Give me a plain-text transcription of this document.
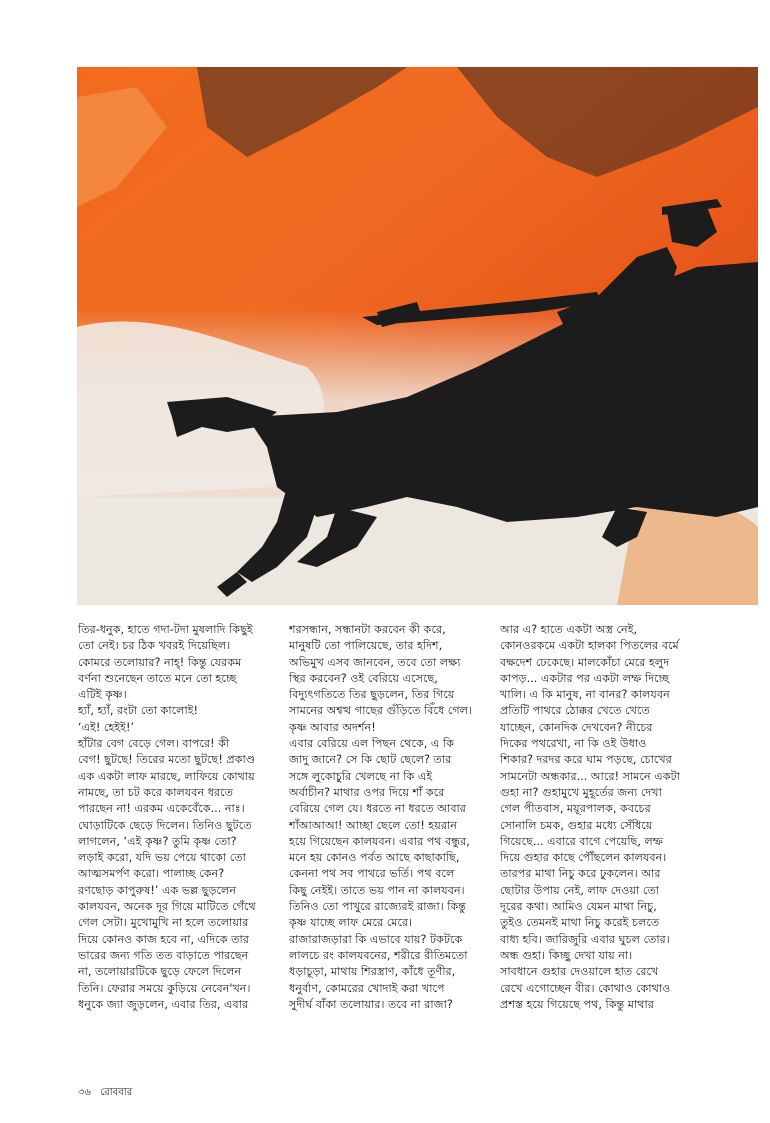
তির-ধনুক, হাতে গদা-টদা মুষলাদি কিছুই

তো নেই। চর ঠিক খবরই দিয়েছিল।

কোমরে তলোয়ার? নাহ্! কিন্তু যেরকম

বর্ণনা শুনেছেন তাতে মনে তো হচ্ছে

এটিই কৃষ্ণ।

হ্যাঁ, হ্যাঁ, রংটা তো কালোই!

‘এই! হেইই!’

হাঁটার বেগ বেড়ে গেল। বাপরে! কী

বেগ! ছুটছে! তিরের মতো ছুটছে! প্রকাণ্ড

এক একটা লাফ মারছে, লাফিয়ে কোথায়

নামছে, তা চট করে কালযবন ধরতে

পারছেন না! এরকম একেবেঁকে... নাঃ।

ঘোড়াটিকে ছেড়ে দিলেন। তিনিও ছুটতে

লাগলেন, ‘এই কৃষ্ণ? তুমি কৃষ্ণ তো?

লড়াই করো, যদি ভয় পেয়ে থাকো তো

আত্মসমর্পণ করো। পালাচ্ছ কেন?

রণছোড় কাপুরুষ!’ এক ভল্ল ছুড়লেন

কালযবন, অনেক দূর গিয়ে মাটিতে গেঁথে

গেল সেটা। মুখোমুখি না হলে তলোয়ার

দিয়ে কোনও কাজ হবে না, এদিকে তার

ভারের জন্য গতি তত বাড়াতে পারছেন

না, তলোয়ারটিকে ছুড়ে ফেলে দিলেন

তিনি। ফেরার সময়ে কুড়িয়ে নেবেন'খন।

ধনুকে জ্যা জুড়লেন, এবার তির, এবার

শরসন্ধান, সন্ধানটা করবেন কী করে,

মানুষটি তো পালিয়েছে, তার হদিশ,

অভিমুখ এসব জানবেন, তবে তো লক্ষ্য

স্থির করবেন? ওই বেরিয়ে এসেছে,

বিদ্যুৎগতিতে তির ছুড়লেন, তির গিয়ে

সামনের অশ্বত্থ গাছের গুঁড়িতে বিঁধে গেল।

কৃষ্ণ আবার অদর্শন!

এবার বেরিয়ে এল পিছন থেকে, এ কি

জাদু জানে? সে কি ছোট ছেলে? তার

সঙ্গে লুকোচুরি খেলছে না কি এই

অর্বাচীন? মাথার ওপর দিয়ে শাঁ করে

বেরিয়ে গেল যে। ধরতে না ধরতে আবার

শাঁআআআ! আচ্ছা ছেলে তো! হয়রান

হয়ে গিয়েছেন কালযবন। এবার পথ বন্ধুর,

মনে হয় কোনও পর্বত আছে কাছাকাছি,

কেননা পথ সব পাথরে ভর্তি। পথ বলে

কিছু নেইই। তাতে ভয় পান না কালযবন।

তিনিও তো পাখুরে রাজ্যেরই রাজা। কিন্তু

কৃষ্ণ যাচ্ছে লাফ মেরে মেরে।

রাজারাজড়ারা কি এভাবে যায়? টকটকে

লালচে রং কালযবনের, শরীরে রীতিমতো

ধড়াচূড়া, মাথায় শিরস্ত্রাণ, কাঁধে তূণীর,

ধনুর্বাণ, কোমরের খোদাই করা খাপে

সুদীর্ঘ বাঁকা তলোয়ার। তবে না রাজা?

আর এ? হাতে একটা অস্ত্র নেই,

কোনওরকমে একটা হালকা পিতলের বর্মে

বক্ষদেশ ঢেকেছে। মালকোঁচা মেরে হলুদ

কাপড়... একটার পর একটা লম্ফ দিচ্ছে

খালি। এ কি মানুষ, না বানর? কালযবন

প্রতিটি পাথরে ঠোক্কর খেতে খেতে

যাচ্ছেন, কোনদিক দেখবেন? নীচের

দিকের পথরেখা, না কি ওই উধাও

শিকার? দরদর করে ঘাম পড়ছে, চোখের

সামনেটা অন্ধকার... আরে! সামনে একটা

গুহা না? গুহামুখে মুহূর্তের জন্য দেখা

গেল পীতবাস, ময়ূরপালক, কবচের

সোনালি চমক, গুহার মধ্যে সেঁধিয়ে

গিয়েছে... এবারে বাগে পেয়েছি, লম্ফ

দিয়ে গুহার কাছে পৌঁছলেন কালযবন।

তারপর মাথা নিচু করে ঢুকলেন। আর

ছোটার উপায় নেই, লাফ দেওয়া তো

দূরের কথা। আমিও যেমন মাথা নিচু,

তুইও তেমনই মাথা নিচু করেই চলতে

বাধ্য হবি। জারিজুরি এবার ঘুচল তোর।

অন্ধ গুহা। কিচ্ছু দেখা যায় না।

সাবধানে গুহার দেওয়ালে হাত রেখে

রেখে এগোচ্ছেন বীর। কোথাও কোথাও

প্রশস্ত হয়ে গিয়েছে পথ, কিন্তু মাথার

৩৬ রোববার
